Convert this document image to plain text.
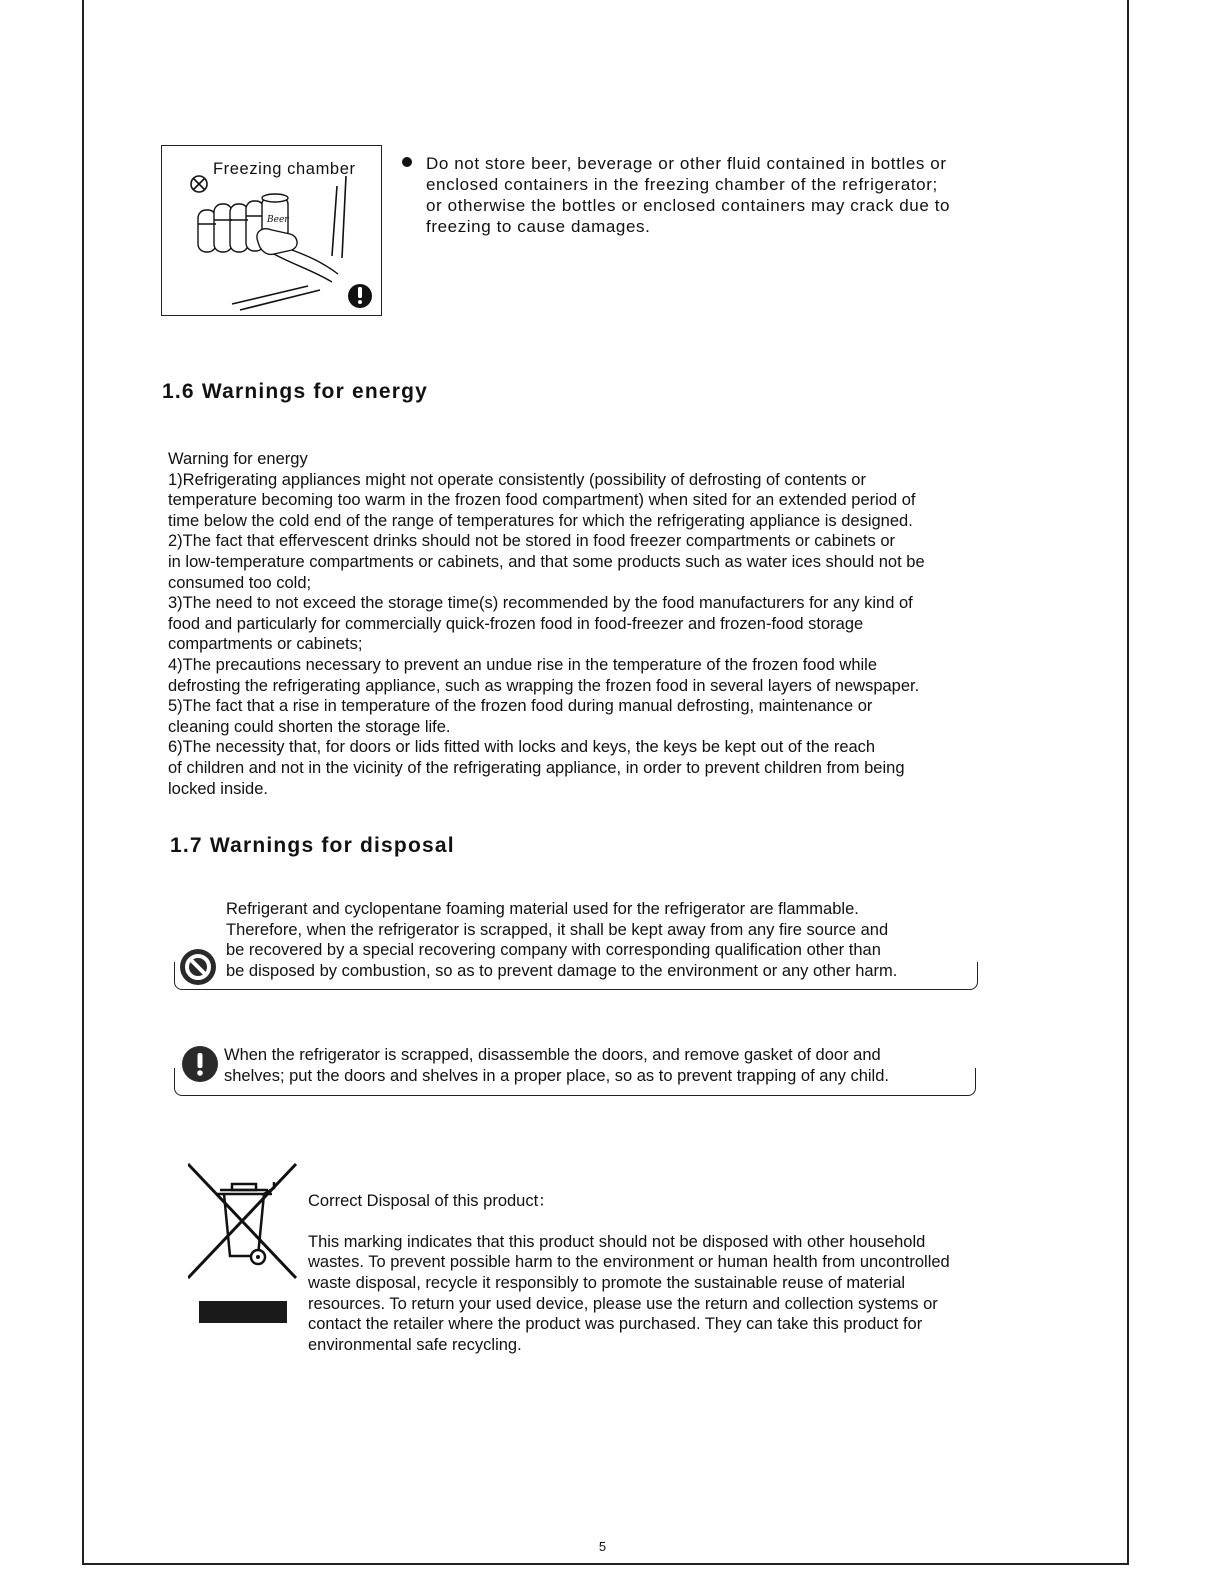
Beer
Freezing chamber	Do not store beer, beverage or other fluid contained in bottles or
enclosed containers in the freezing chamber of the refrigerator;
or otherwise the bottles or enclosed containers may crack due to
freezing to cause damages.
1.6 Warnings for energy
Warning for energy
1)Refrigerating appliances might not operate consistently (possibility of defrosting of contents or
temperature becoming too warm in the frozen food compartment) when sited for an extended period of
time below the cold end of the range of temperatures for which the refrigerating appliance is designed.
2)The fact that effervescent drinks should not be stored in food freezer compartments or cabinets or
in low-temperature compartments or cabinets, and that some products such as water ices should not be
consumed too cold;
3)The need to not exceed the storage time(s) recommended by the food manufacturers for any kind of
food and particularly for commercially quick-frozen food in food-freezer and frozen-food storage
compartments or cabinets;
4)The precautions necessary to prevent an undue rise in the temperature of the frozen food while
defrosting the refrigerating appliance, such as wrapping the frozen food in several layers of newspaper.
5)The fact that a rise in temperature of the frozen food during manual defrosting, maintenance or
cleaning could shorten the storage life.
6)The necessity that, for doors or lids fitted with locks and keys, the keys be kept out of the reach
of children and not in the vicinity of the refrigerating appliance, in order to prevent children from being
locked inside.
1.7 Warnings for disposal
Refrigerant and cyclopentane foaming material used for the refrigerator are flammable.
Therefore, when the refrigerator is scrapped, it shall be kept away from any fire source and
be recovered by a special recovering company with corresponding qualification other than
be disposed by combustion, so as to prevent damage to the environment or any other harm.
When the refrigerator is scrapped, disassemble the doors, and remove gasket of door and
shelves; put the doors and shelves in a proper place, so as to prevent trapping of any child.

Correct Disposal of this product：

This marking indicates that this product should not be disposed with other household
wastes. To prevent possible harm to the environment or human health from uncontrolled
waste disposal, recycle it responsibly to promote the sustainable reuse of material
resources. To return your used device, please use the return and collection systems or
contact the retailer where the product was purchased. They can take this product for
environmental safe recycling.

5
